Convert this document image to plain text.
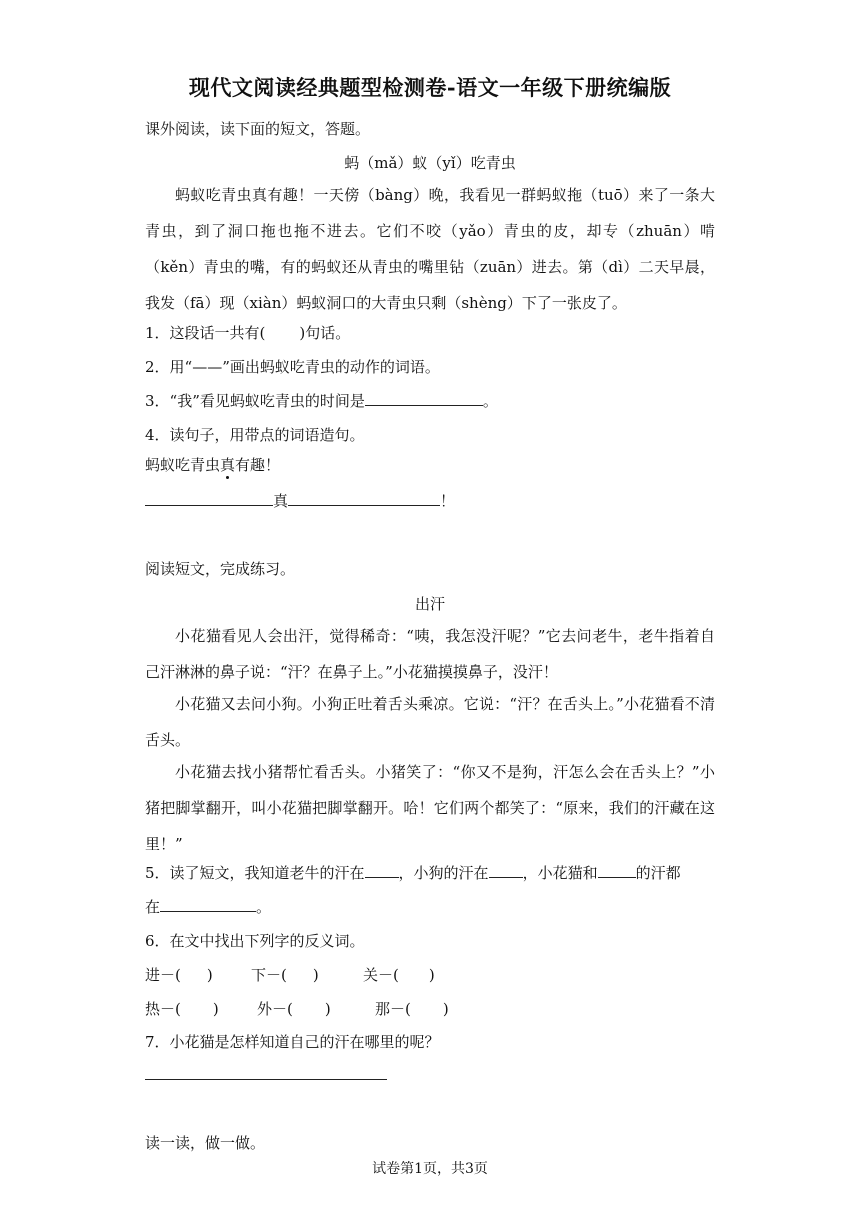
现代文阅读经典题型检测卷-语文一年级下册统编版
课外阅读，读下面的短文，答题。
蚂（mǎ）蚁（yǐ）吃青虫
蚂蚁吃青虫真有趣！一天傍（bàng）晚，我看见一群蚂蚁拖（tuō）来了一条大青虫，到了洞口拖也拖不进去。它们不咬（yǎo）青虫的皮，却专（zhuān）啃（kěn）青虫的嘴，有的蚂蚁还从青虫的嘴里钻（zuān）进去。第（dì）二天早晨，我发（fā）现（xiàn）蚂蚁洞口的大青虫只剩（shèng）下了一张皮了。
1．这段话一共有( )句话。
2．用“——”画出蚂蚁吃青虫的动作的词语。
3．“我”看见蚂蚁吃青虫的时间是	。
4．读句子，用带点的词语造句。
蚂蚁吃青虫真有趣！
真	！
阅读短文，完成练习。
出汗
小花猫看见人会出汗，觉得稀奇：“咦，我怎没汗呢？”它去问老牛，老牛指着自己汗淋淋的鼻子说：“汗？在鼻子上。”小花猫摸摸鼻子，没汗！
小花猫又去问小狗。小狗正吐着舌头乘凉。它说：“汗？在舌头上。”小花猫看不清舌头。
小花猫去找小猪帮忙看舌头。小猪笑了：“你又不是狗，汗怎么会在舌头上？”小猪把脚掌翻开，叫小花猫把脚掌翻开。哈！它们两个都笑了：“原来，我们的汗藏在这里！”
5．读了短文，我知道老牛的汗在 ，小狗的汗在 ，小花猫和	的汗都
在	。
6．在文中找出下列字的反义词。
进－( )	下－( )	关－( )
热－( )	外－( )	那－( )
7．小花猫是怎样知道自己的汗在哪里的呢？
读一读，做一做。
试卷第1页，共3页
